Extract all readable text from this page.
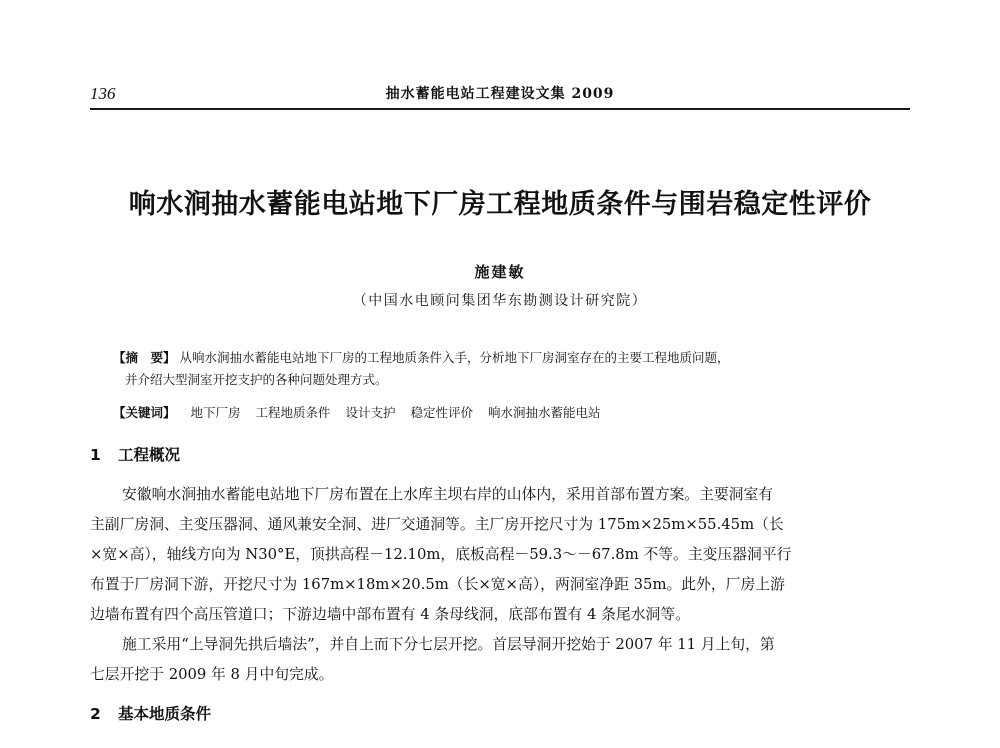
136	抽水蓄能电站工程建设文集 2009
响水涧抽水蓄能电站地下厂房工程地质条件与围岩稳定性评价
施建敏
（中国水电顾问集团华东勘测设计研究院）
【摘　要】 从响水涧抽水蓄能电站地下厂房的工程地质条件入手，分析地下厂房洞室存在的主要工程地质问题，
并介绍大型洞室开挖支护的各种问题处理方式。
【关键词】 地下厂房 工程地质条件 设计支护 稳定性评价 响水涧抽水蓄能电站
1 工程概况
安徽响水涧抽水蓄能电站地下厂房布置在上水库主坝右岸的山体内，采用首部布置方案。主要洞室有
主副厂房洞、主变压器洞、通风兼安全洞、进厂交通洞等。主厂房开挖尺寸为 175m×25m×55.45m（长
×宽×高），轴线方向为 N30°E，顶拱高程－12.10m，底板高程－59.3～－67.8m 不等。主变压器洞平行
布置于厂房洞下游，开挖尺寸为 167m×18m×20.5m（长×宽×高），两洞室净距 35m。此外，厂房上游
边墙布置有四个高压管道口；下游边墙中部布置有 4 条母线洞，底部布置有 4 条尾水洞等。
施工采用“上导洞先拱后墙法”，并自上而下分七层开挖。首层导洞开挖始于 2007 年 11 月上旬，第
七层开挖于 2009 年 8 月中旬完成。
2 基本地质条件
